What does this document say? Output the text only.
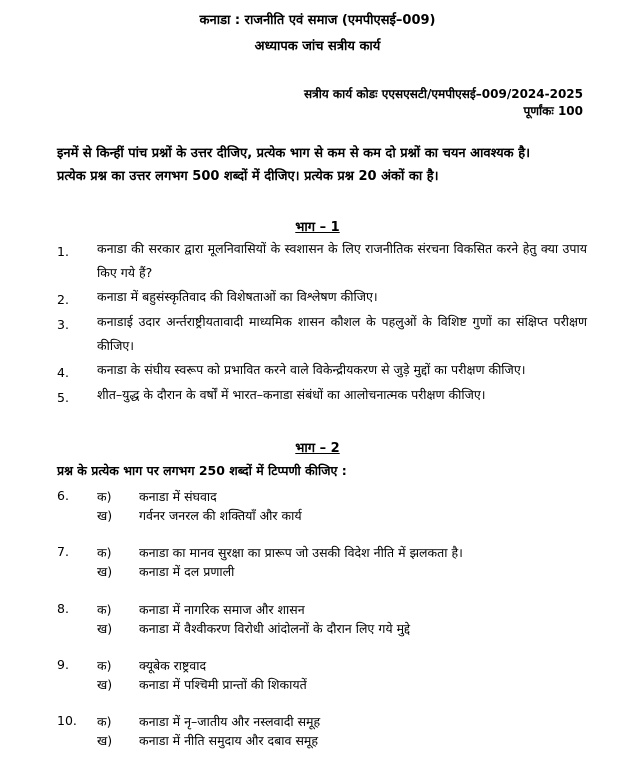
कनाडा : राजनीति एवं समाज (एमपीएसई–009)
अध्यापक जांच सत्रीय कार्य
सत्रीय कार्य कोडः एएसएसटी/एमपीएसई–009/2024-2025
पूर्णांकः 100
इनमें से किन्हीं पांच प्रश्नों के उत्तर दीजिए, प्रत्येक भाग से कम से कम दो प्रश्नों का चयन आवश्यक है।
प्रत्येक प्रश्न का उत्तर लगभग 500 शब्दों में दीजिए। प्रत्येक प्रश्न 20 अंकों का है।
भाग – 1
1. कनाडा की सरकार द्वारा मूलनिवासियों के स्वशासन के लिए राजनीतिक संरचना विकसित करने हेतु क्या उपाय किए गये हैं?
2. कनाडा में बहुसंस्कृतिवाद की विशेषताओं का विश्लेषण कीजिए।
3. कनाडाई उदार अर्न्तराष्ट्रीयतावादी माध्यमिक शासन कौशल के पहलुओं के विशिष्ट गुणों का संक्षिप्त परीक्षण कीजिए।
4. कनाडा के संघीय स्वरूप को प्रभावित करने वाले विकेन्द्रीयकरण से जुड़े मुद्दों का परीक्षण कीजिए।
5. शीत–युद्ध के दौरान के वर्षों में भारत–कनाडा संबंधों का आलोचनात्मक परीक्षण कीजिए।
भाग – 2
प्रश्न के प्रत्येक भाग पर लगभग 250 शब्दों में टिप्पणी कीजिए :
6. क) कनाडा में संघवाद
ख) गर्वनर जनरल की शक्तियाँ और कार्य
7. क) कनाडा का मानव सुरक्षा का प्रारूप जो उसकी विदेश नीति में झलकता है।
ख) कनाडा में दल प्रणाली
8. क) कनाडा में नागरिक समाज और शासन
ख) कनाडा में वैश्वीकरण विरोधी आंदोलनों के दौरान लिए गये मुद्दे
9. क) क्यूबेक राष्ट्रवाद
ख) कनाडा में पश्चिमी प्रान्तों की शिकायतें
10. क) कनाडा में नृ–जातीय और नस्लवादी समूह
ख) कनाडा में नीति समुदाय और दबाव समूह
